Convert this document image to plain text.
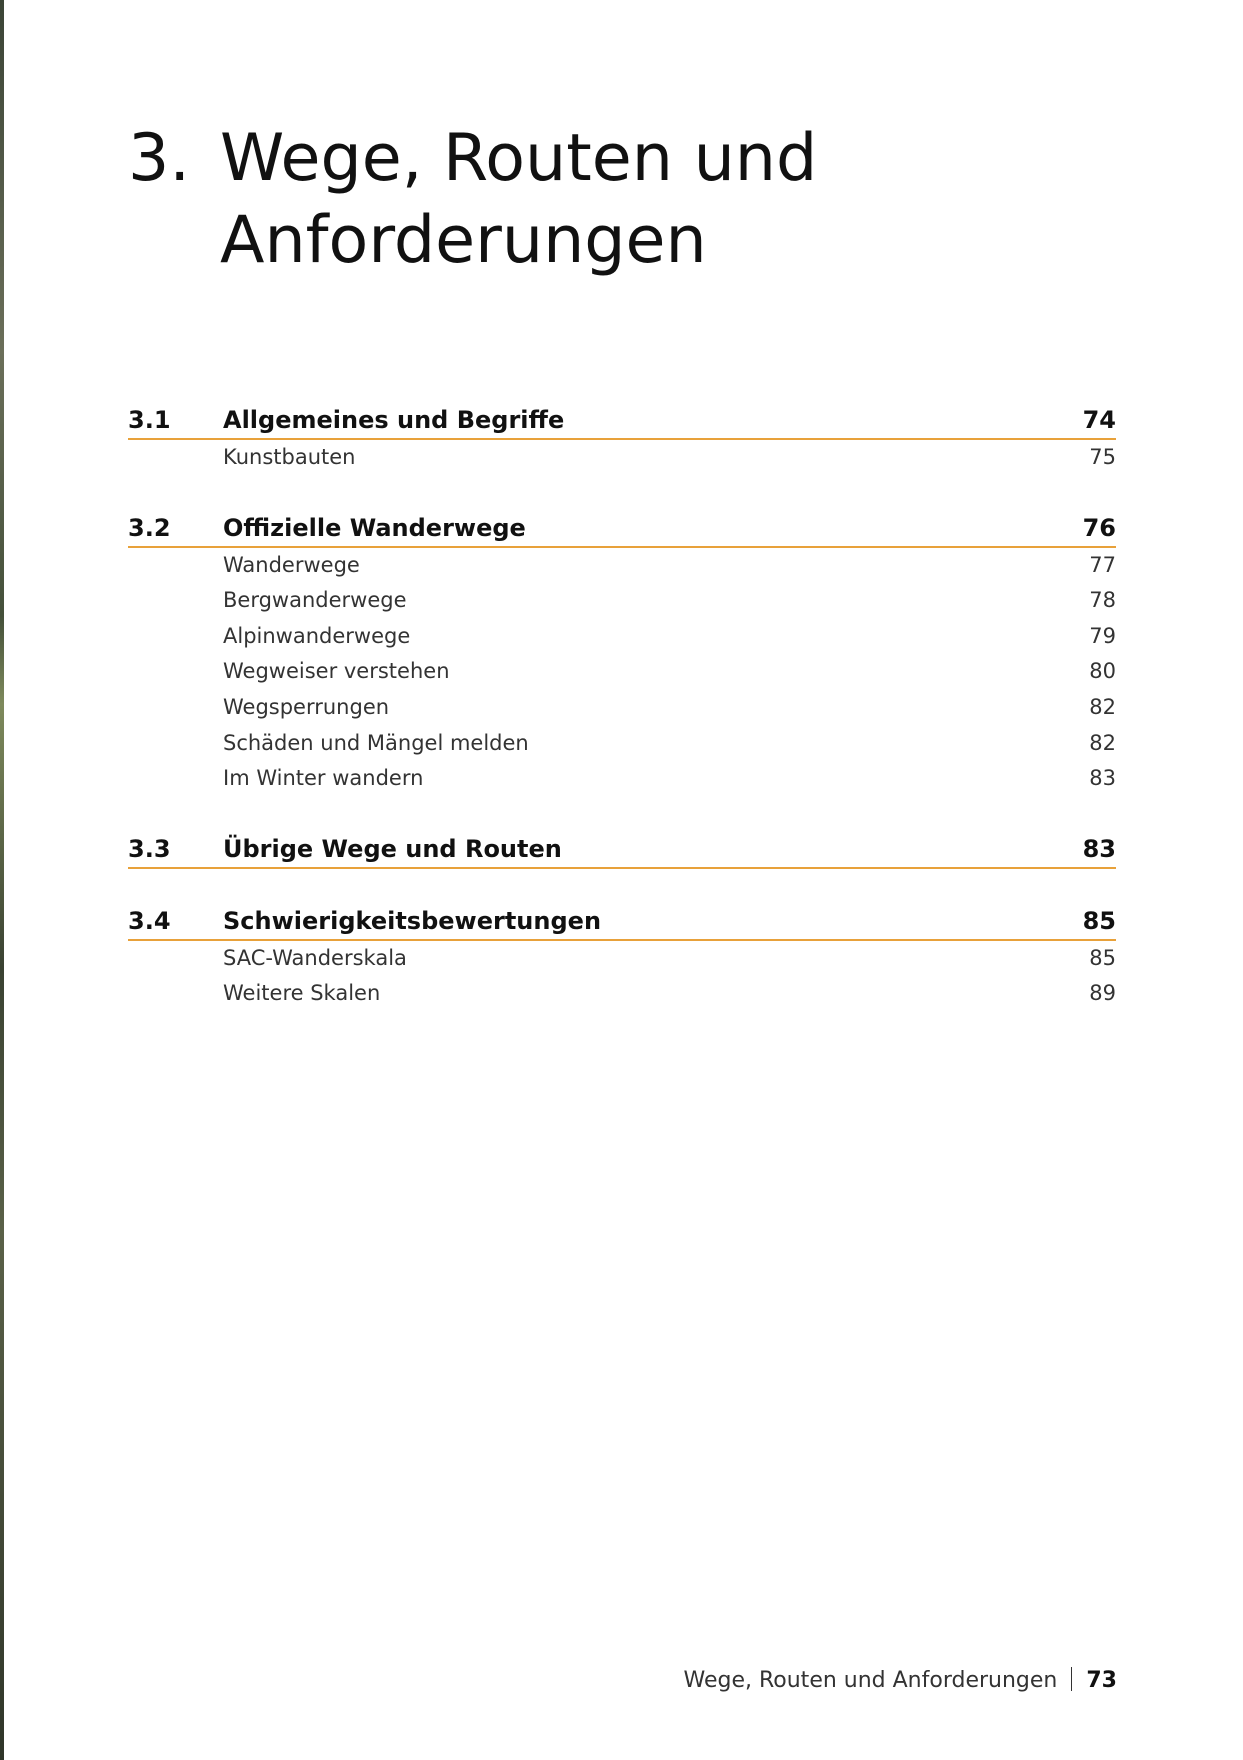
3. Wege, Routen und
Anforderungen
3.1 Allgemeines und Begriffe	74
Kunstbauten	75
3.2 Offizielle Wanderwege	76
Wanderwege	77
Bergwanderwege	78
Alpinwanderwege	79
Wegweiser verstehen	80
Wegsperrungen	82
Schäden und Mängel melden	82
Im Winter wandern	83
3.3 Übrige Wege und Routen	83
3.4 Schwierigkeitsbewertungen	85
SAC-Wanderskala	85
Weitere Skalen	89
Wege, Routen und Anforderungen 73
